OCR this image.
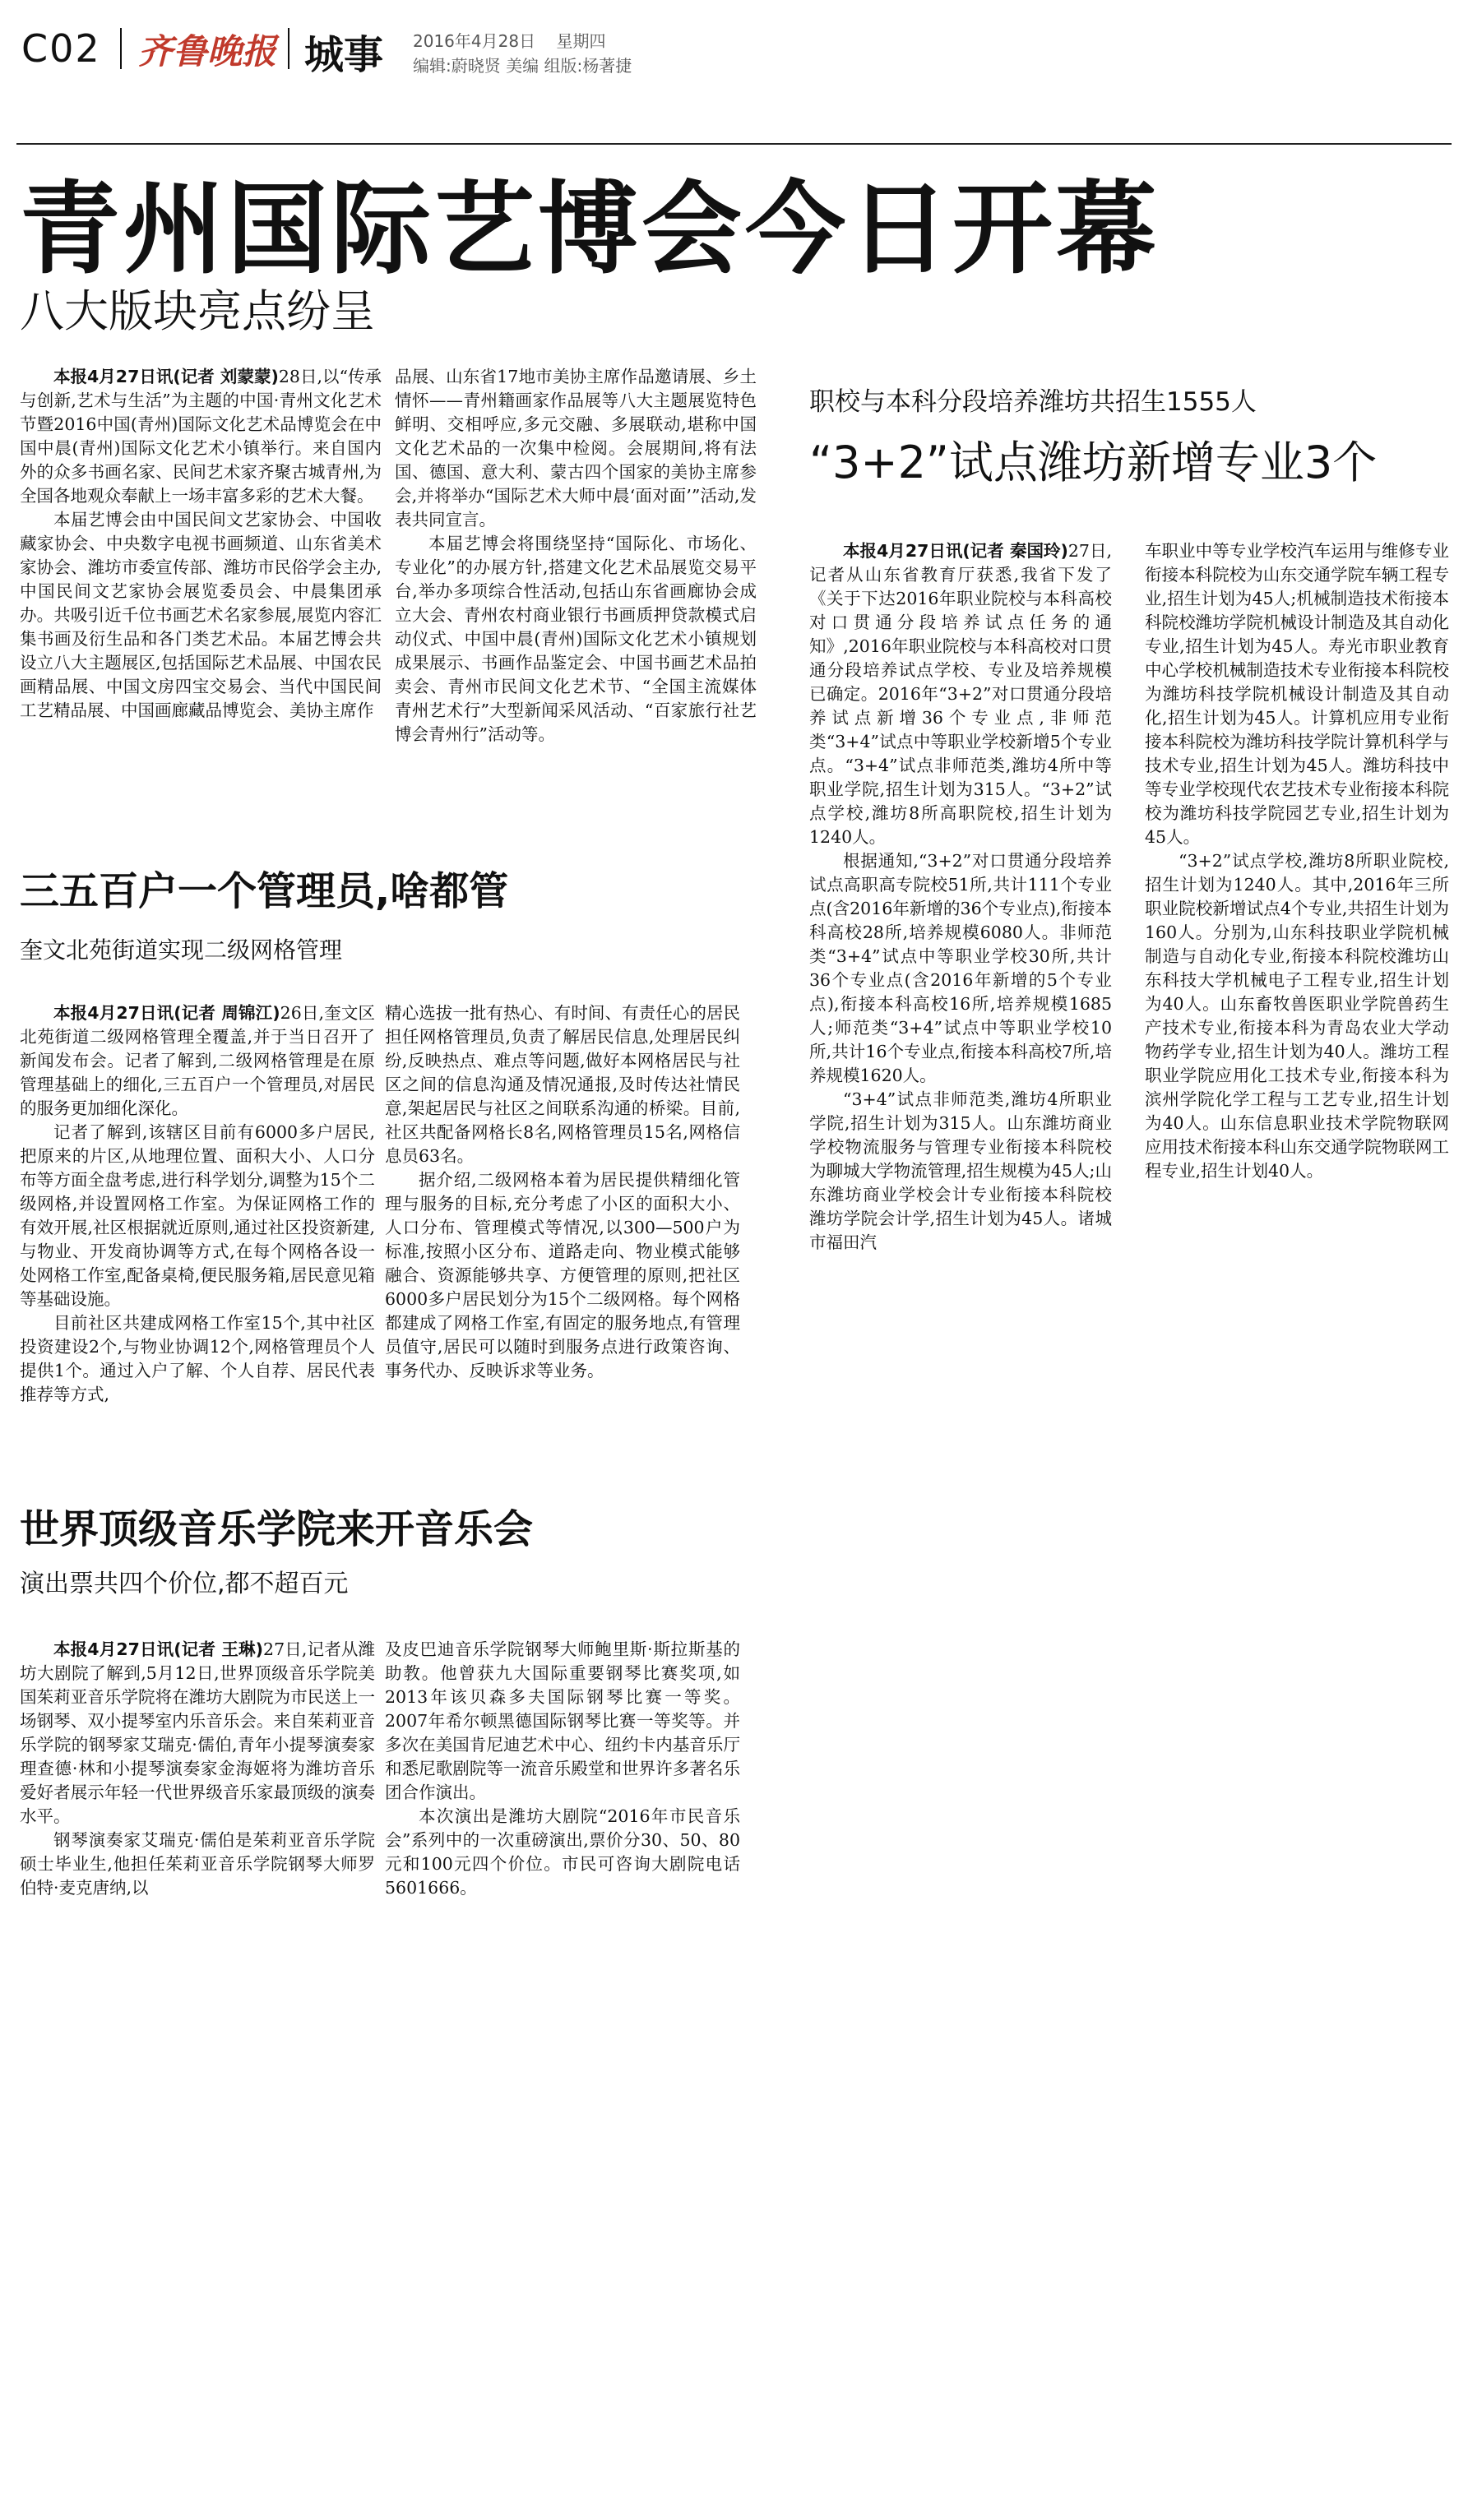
C02 齐鲁晚报 城事 2016年4月28日 星期四
编辑:蔚晓贤 美编 组版:杨著捷
青州国际艺博会今日开幕
八大版块亮点纷呈

本报4月27日讯(记者 刘蒙蒙)28日,以“传承与创新,艺术与生活”为主题的中国·青州文化艺术节暨2016中国(青州)国际文化艺术品博览会在中国中晨(青州)国际文化艺术小镇举行。来自国内外的众多书画名家、民间艺术家齐聚古城青州,为全国各地观众奉献上一场丰富多彩的艺术大餐。

本届艺博会由中国民间文艺家协会、中国收藏家协会、中央数字电视书画频道、山东省美术家协会、潍坊市委宣传部、潍坊市民俗学会主办,中国民间文艺家协会展览委员会、中晨集团承办。共吸引近千位书画艺术名家参展,展览内容汇集书画及衍生品和各门类艺术品。本届艺博会共设立八大主题展区,包括国际艺术品展、中国农民画精品展、中国文房四宝交易会、当代中国民间工艺精品展、中国画廊藏品博览会、美协主席作

品展、山东省17地市美协主席作品邀请展、乡土情怀——青州籍画家作品展等八大主题展览特色鲜明、交相呼应,多元交融、多展联动,堪称中国文化艺术品的一次集中检阅。会展期间,将有法国、德国、意大利、蒙古四个国家的美协主席参会,并将举办“国际艺术大师中晨‘面对面’”活动,发表共同宣言。

本届艺博会将围绕坚持“国际化、市场化、专业化”的办展方针,搭建文化艺术品展览交易平台,举办多项综合性活动,包括山东省画廊协会成立大会、青州农村商业银行书画质押贷款模式启动仪式、中国中晨(青州)国际文化艺术小镇规划成果展示、书画作品鉴定会、中国书画艺术品拍卖会、青州市民间文化艺术节、“全国主流媒体青州艺术行”大型新闻采风活动、“百家旅行社艺博会青州行”活动等。

职校与本科分段培养潍坊共招生1555人
“3+2”试点潍坊新增专业3个

本报4月27日讯(记者 秦国玲)27日,记者从山东省教育厅获悉,我省下发了《关于下达2016年职业院校与本科高校对口贯通分段培养试点任务的通知》,2016年职业院校与本科高校对口贯通分段培养试点学校、专业及培养规模已确定。2016年“3+2”对口贯通分段培养试点新增36个专业点,非师范类“3+4”试点中等职业学校新增5个专业点。“3+4”试点非师范类,潍坊4所中等职业学院,招生计划为315人。“3+2”试点学校,潍坊8所高职院校,招生计划为1240人。

根据通知,“3+2”对口贯通分段培养试点高职高专院校51所,共计111个专业点(含2016年新增的36个专业点),衔接本科高校28所,培养规模6080人。非师范类“3+4”试点中等职业学校30所,共计36个专业点(含2016年新增的5个专业点),衔接本科高校16所,培养规模1685人;师范类“3+4”试点中等职业学校10所,共计16个专业点,衔接本科高校7所,培养规模1620人。

“3+4”试点非师范类,潍坊4所职业学院,招生计划为315人。山东潍坊商业学校物流服务与管理专业衔接本科院校为聊城大学物流管理,招生规模为45人;山东潍坊商业学校会计专业衔接本科院校潍坊学院会计学,招生计划为45人。诸城市福田汽

车职业中等专业学校汽车运用与维修专业衔接本科院校为山东交通学院车辆工程专业,招生计划为45人;机械制造技术衔接本科院校潍坊学院机械设计制造及其自动化专业,招生计划为45人。寿光市职业教育中心学校机械制造技术专业衔接本科院校为潍坊科技学院机械设计制造及其自动化,招生计划为45人。计算机应用专业衔接本科院校为潍坊科技学院计算机科学与技术专业,招生计划为45人。潍坊科技中等专业学校现代农艺技术专业衔接本科院校为潍坊科技学院园艺专业,招生计划为45人。

“3+2”试点学校,潍坊8所职业院校,招生计划为1240人。其中,2016年三所职业院校新增试点4个专业,共招生计划为160人。分别为,山东科技职业学院机械制造与自动化专业,衔接本科院校潍坊山东科技大学机械电子工程专业,招生计划为40人。山东畜牧兽医职业学院兽药生产技术专业,衔接本科为青岛农业大学动物药学专业,招生计划为40人。潍坊工程职业学院应用化工技术专业,衔接本科为滨州学院化学工程与工艺专业,招生计划为40人。山东信息职业技术学院物联网应用技术衔接本科山东交通学院物联网工程专业,招生计划40人。

三五百户一个管理员,啥都管
奎文北苑街道实现二级网格管理

本报4月27日讯(记者 周锦江)26日,奎文区北苑街道二级网格管理全覆盖,并于当日召开了新闻发布会。记者了解到,二级网格管理是在原管理基础上的细化,三五百户一个管理员,对居民的服务更加细化深化。

记者了解到,该辖区目前有6000多户居民,把原来的片区,从地理位置、面积大小、人口分布等方面全盘考虑,进行科学划分,调整为15个二级网格,并设置网格工作室。为保证网格工作的有效开展,社区根据就近原则,通过社区投资新建,与物业、开发商协调等方式,在每个网格各设一处网格工作室,配备桌椅,便民服务箱,居民意见箱等基础设施。

目前社区共建成网格工作室15个,其中社区投资建设2个,与物业协调12个,网格管理员个人提供1个。通过入户了解、个人自荐、居民代表推荐等方式,

精心选拔一批有热心、有时间、有责任心的居民担任网格管理员,负责了解居民信息,处理居民纠纷,反映热点、难点等问题,做好本网格居民与社区之间的信息沟通及情况通报,及时传达社情民意,架起居民与社区之间联系沟通的桥梁。目前,社区共配备网格长8名,网格管理员15名,网格信息员63名。

据介绍,二级网格本着为居民提供精细化管理与服务的目标,充分考虑了小区的面积大小、人口分布、管理模式等情况,以300—500户为标准,按照小区分布、道路走向、物业模式能够融合、资源能够共享、方便管理的原则,把社区6000多户居民划分为15个二级网格。每个网格都建成了网格工作室,有固定的服务地点,有管理员值守,居民可以随时到服务点进行政策咨询、事务代办、反映诉求等业务。

世界顶级音乐学院来开音乐会
演出票共四个价位,都不超百元

本报4月27日讯(记者 王琳)27日,记者从潍坊大剧院了解到,5月12日,世界顶级音乐学院美国茱莉亚音乐学院将在潍坊大剧院为市民送上一场钢琴、双小提琴室内乐音乐会。来自茱莉亚音乐学院的钢琴家艾瑞克·儒伯,青年小提琴演奏家理查德·林和小提琴演奏家金海姬将为潍坊音乐爱好者展示年轻一代世界级音乐家最顶级的演奏水平。

钢琴演奏家艾瑞克·儒伯是茱莉亚音乐学院硕士毕业生,他担任茱莉亚音乐学院钢琴大师罗伯特·麦克唐纳,以

及皮巴迪音乐学院钢琴大师鲍里斯·斯拉斯基的助教。他曾获九大国际重要钢琴比赛奖项,如2013年该贝森多夫国际钢琴比赛一等奖。2007年希尔顿黑德国际钢琴比赛一等奖等。并多次在美国肯尼迪艺术中心、纽约卡内基音乐厅和悉尼歌剧院等一流音乐殿堂和世界许多著名乐团合作演出。

本次演出是潍坊大剧院“2016年市民音乐会”系列中的一次重磅演出,票价分30、50、80元和100元四个价位。市民可咨询大剧院电话5601666。
